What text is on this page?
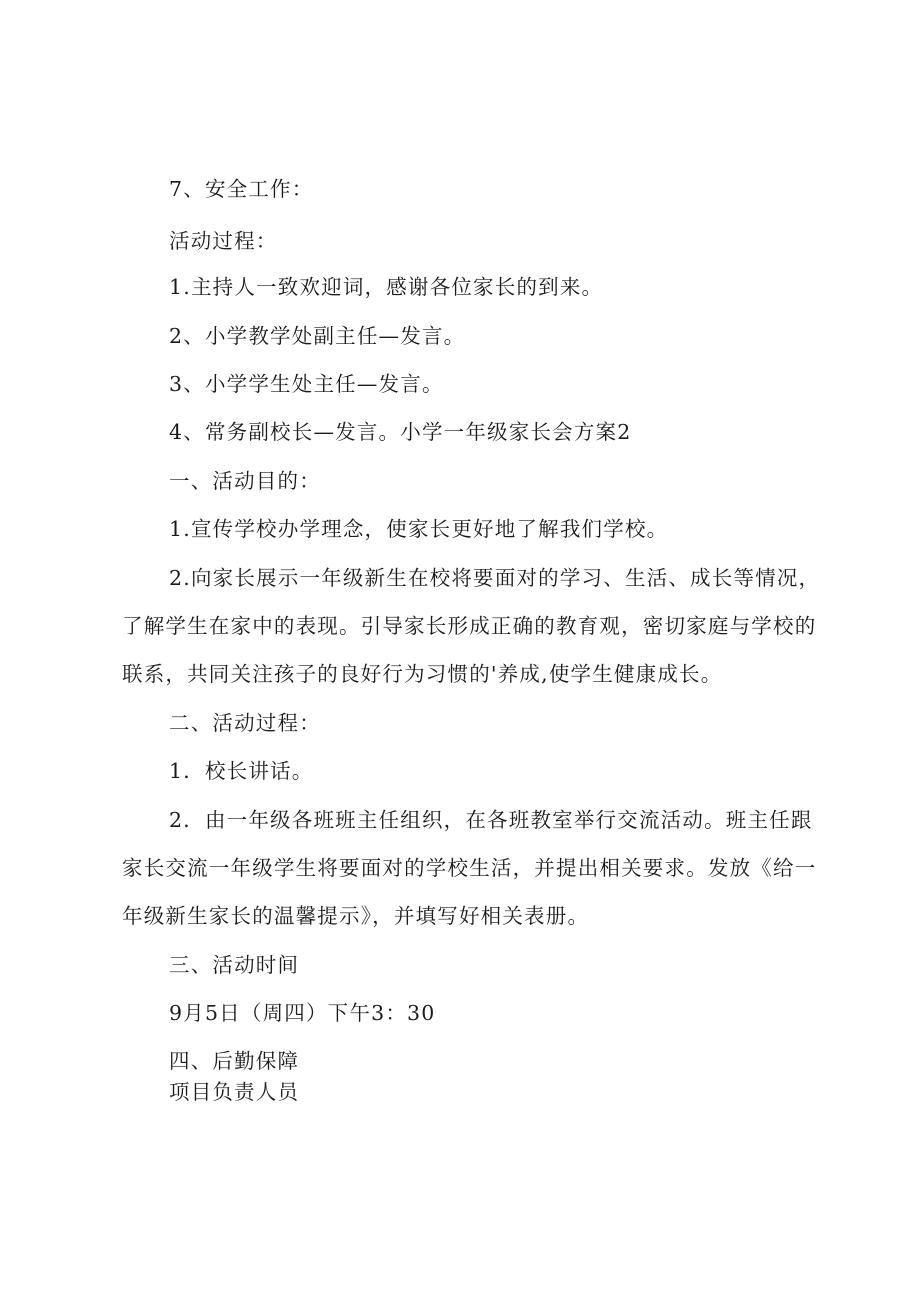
7、安全工作：
活动过程：
1.主持人一致欢迎词，感谢各位家长的到来。
2、小学教学处副主任—发言。
3、小学学生处主任—发言。
4、常务副校长—发言。小学一年级家长会方案2
一、活动目的：
1.宣传学校办学理念，使家长更好地了解我们学校。
2.向家长展示一年级新生在校将要面对的学习、生活、成长等情况，
了解学生在家中的表现。引导家长形成正确的教育观，密切家庭与学校的
联系，共同关注孩子的良好行为习惯的'养成,使学生健康成长。
二、活动过程：
1．校长讲话。
2．由一年级各班班主任组织，在各班教室举行交流活动。班主任跟
家长交流一年级学生将要面对的学校生活，并提出相关要求。发放《给一
年级新生家长的温馨提示》，并填写好相关表册。
三、活动时间
9月5日（周四）下午3：30
四、后勤保障
项目负责人员
